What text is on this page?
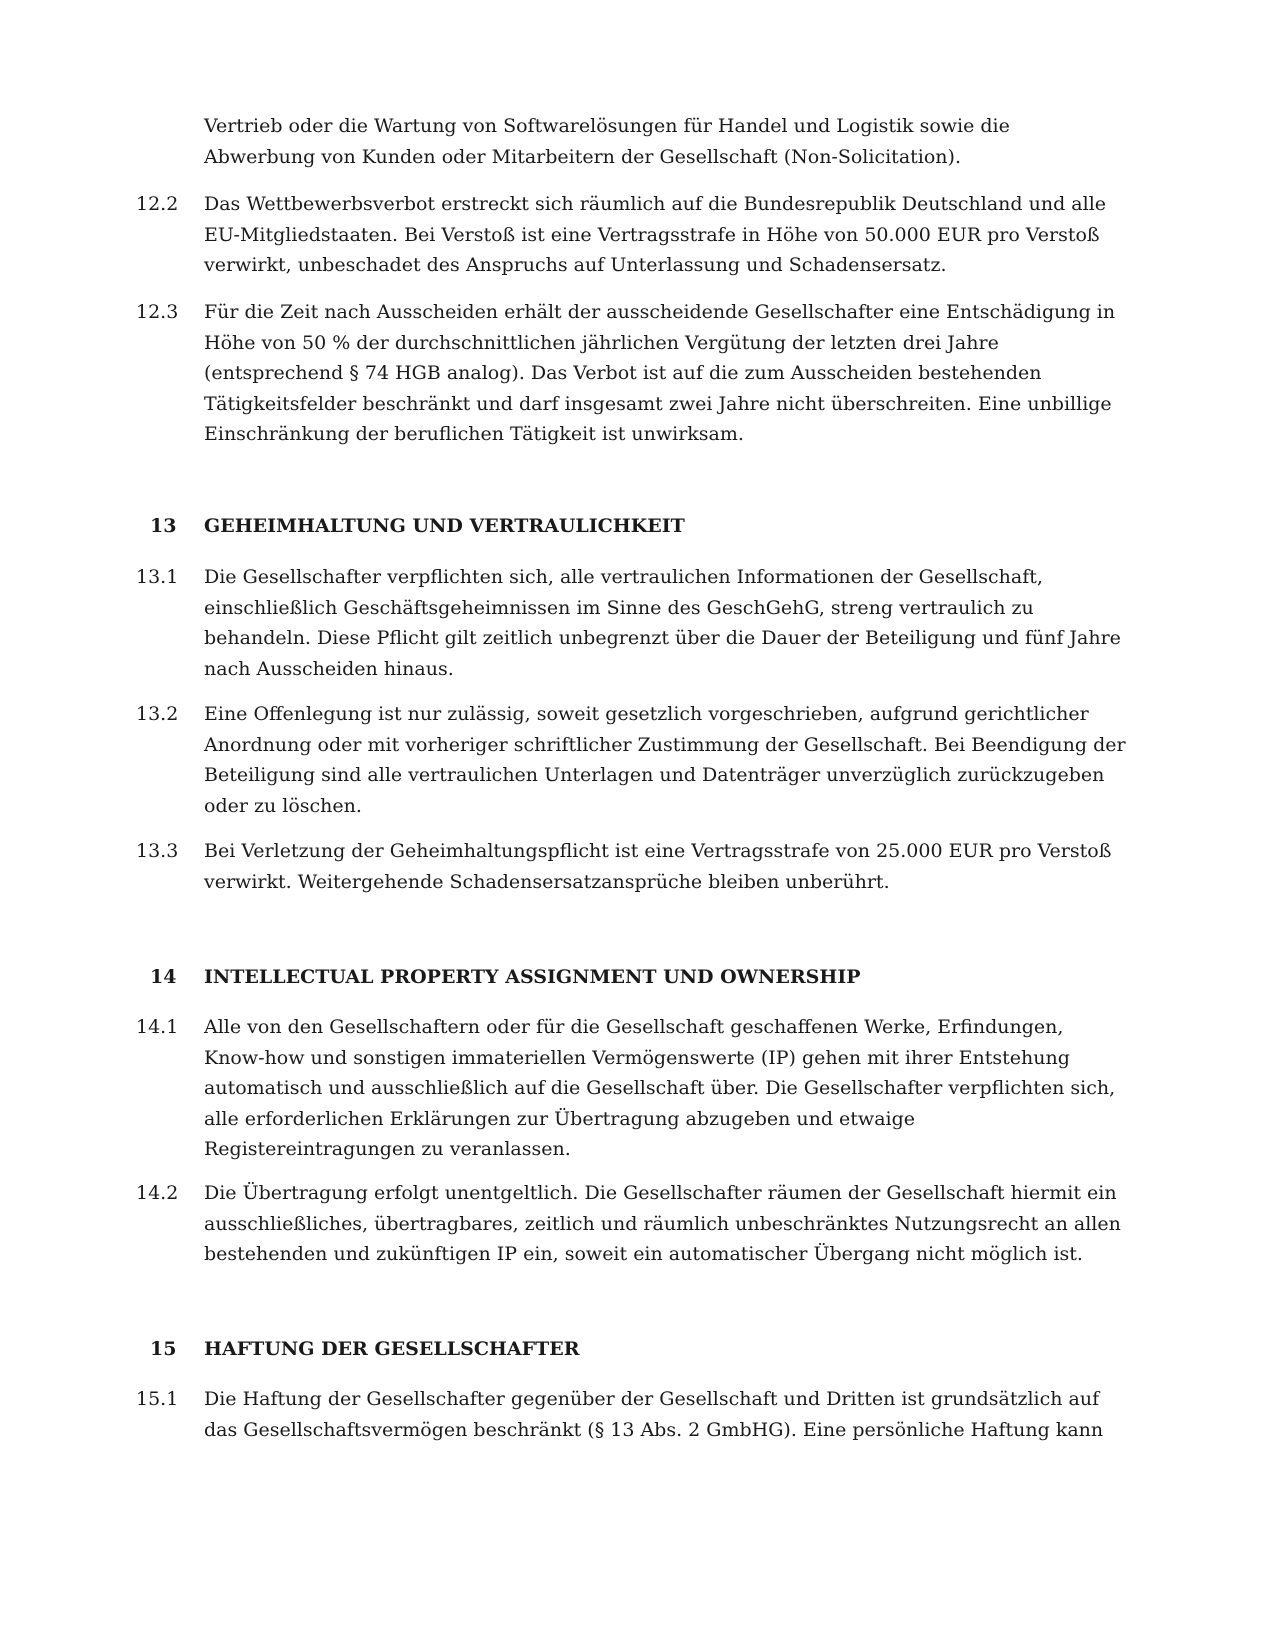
Vertrieb oder die Wartung von Softwarelösungen für Handel und Logistik sowie die Abwerbung von Kunden oder Mitarbeitern der Gesellschaft (Non-Solicitation).
12.2	Das Wettbewerbsverbot erstreckt sich räumlich auf die Bundesrepublik Deutschland und alle EU-Mitgliedstaaten. Bei Verstoß ist eine Vertragsstrafe in Höhe von 50.000 EUR pro Verstoß verwirkt, unbeschadet des Anspruchs auf Unterlassung und Schadensersatz.
12.3	Für die Zeit nach Ausscheiden erhält der ausscheidende Gesellschafter eine Entschädigung in Höhe von 50 % der durchschnittlichen jährlichen Vergütung der letzten drei Jahre (entsprechend § 74 HGB analog). Das Verbot ist auf die zum Ausscheiden bestehenden Tätigkeitsfelder beschränkt und darf insgesamt zwei Jahre nicht überschreiten. Eine unbillige Einschränkung der beruflichen Tätigkeit ist unwirksam.
13	GEHEIMHALTUNG UND VERTRAULICHKEIT
13.1	Die Gesellschafter verpflichten sich, alle vertraulichen Informationen der Gesellschaft, einschließlich Geschäftsgeheimnissen im Sinne des GeschGehG, streng vertraulich zu behandeln. Diese Pflicht gilt zeitlich unbegrenzt über die Dauer der Beteiligung und fünf Jahre nach Ausscheiden hinaus.
13.2	Eine Offenlegung ist nur zulässig, soweit gesetzlich vorgeschrieben, aufgrund gerichtlicher Anordnung oder mit vorheriger schriftlicher Zustimmung der Gesellschaft. Bei Beendigung der Beteiligung sind alle vertraulichen Unterlagen und Datenträger unverzüglich zurückzugeben oder zu löschen.
13.3	Bei Verletzung der Geheimhaltungspflicht ist eine Vertragsstrafe von 25.000 EUR pro Verstoß verwirkt. Weitergehende Schadensersatzansprüche bleiben unberührt.
14	INTELLECTUAL PROPERTY ASSIGNMENT UND OWNERSHIP
14.1	Alle von den Gesellschaftern oder für die Gesellschaft geschaffenen Werke, Erfindungen, Know-how und sonstigen immateriellen Vermögenswerte (IP) gehen mit ihrer Entstehung automatisch und ausschließlich auf die Gesellschaft über. Die Gesellschafter verpflichten sich, alle erforderlichen Erklärungen zur Übertragung abzugeben und etwaige Registereintragungen zu veranlassen.
14.2	Die Übertragung erfolgt unentgeltlich. Die Gesellschafter räumen der Gesellschaft hiermit ein ausschließliches, übertragbares, zeitlich und räumlich unbeschränktes Nutzungsrecht an allen bestehenden und zukünftigen IP ein, soweit ein automatischer Übergang nicht möglich ist.
15	HAFTUNG DER GESELLSCHAFTER
15.1	Die Haftung der Gesellschafter gegenüber der Gesellschaft und Dritten ist grundsätzlich auf das Gesellschaftsvermögen beschränkt (§ 13 Abs. 2 GmbHG). Eine persönliche Haftung kann
